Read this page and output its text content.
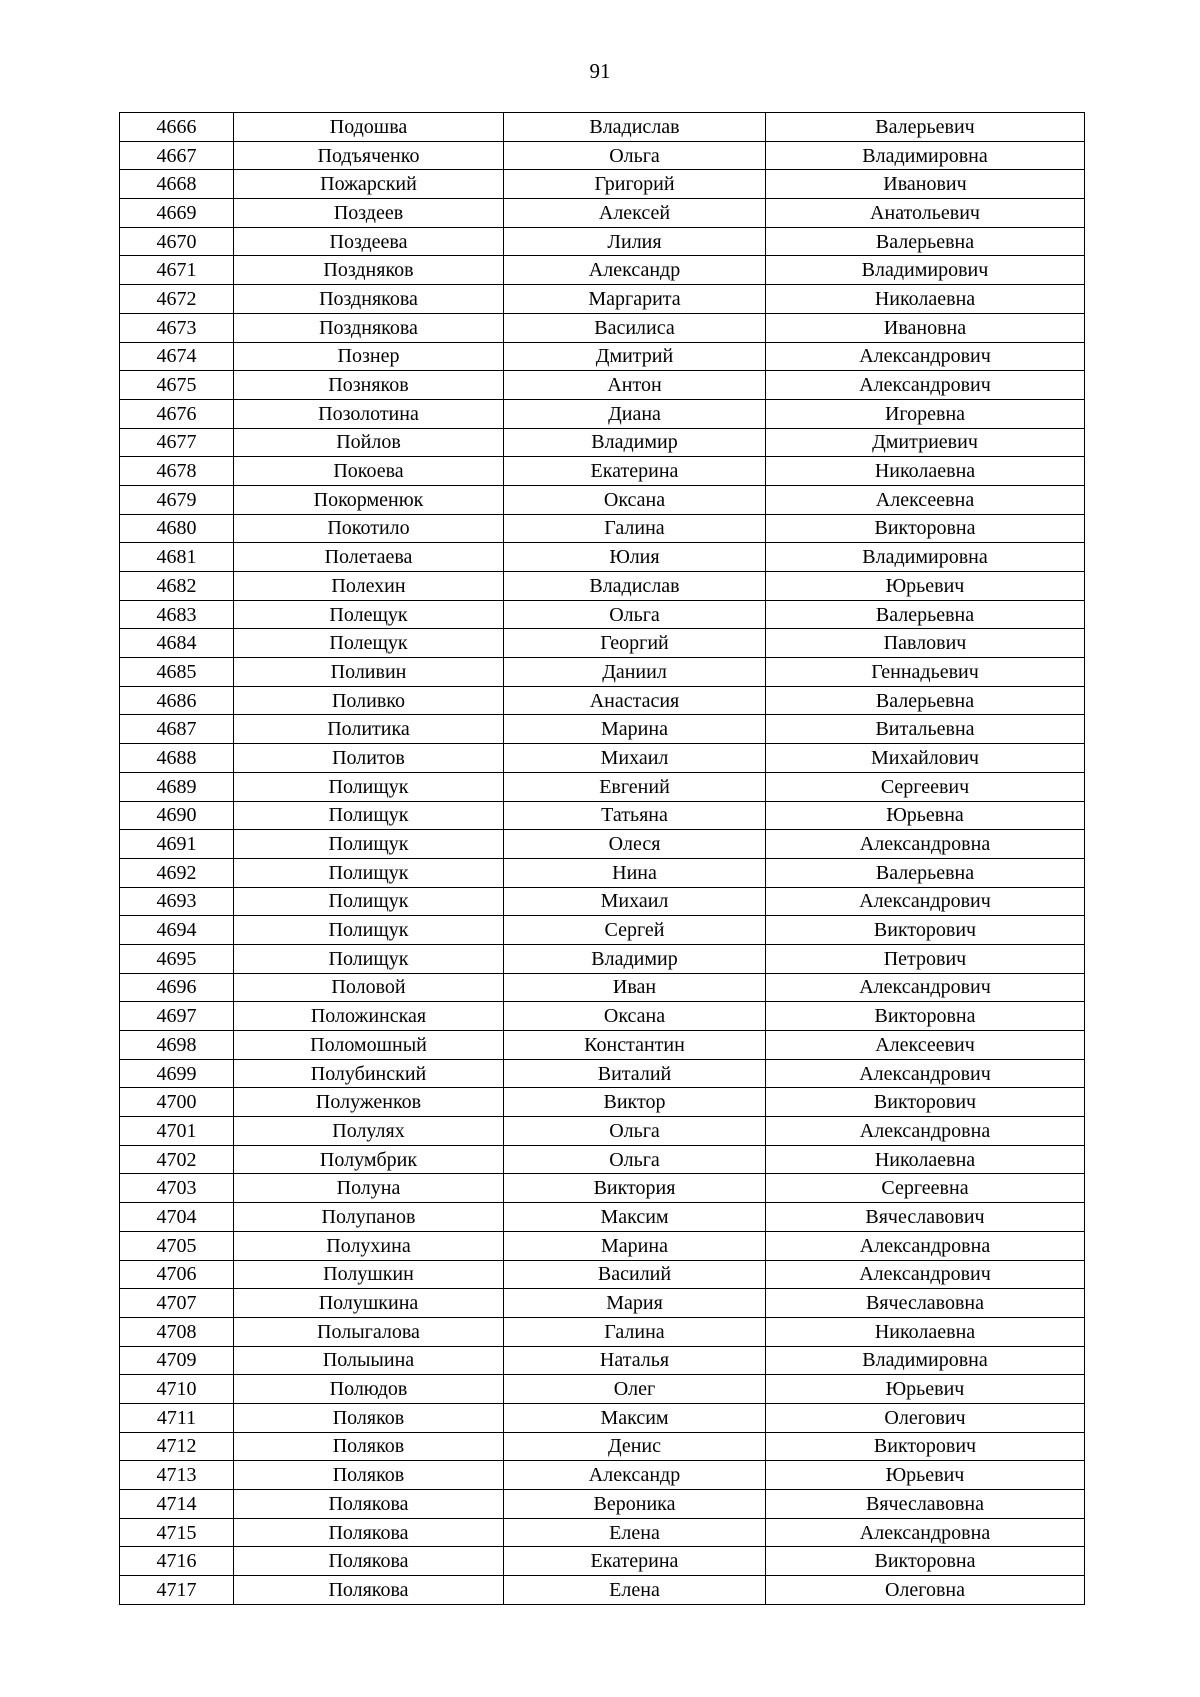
91
4666	Подошва	Владислав	Валерьевич
4667	Подъяченко	Ольга	Владимировна
4668	Пожарский	Григорий	Иванович
4669	Поздеев	Алексей	Анатольевич
4670	Поздеева	Лилия	Валерьевна
4671	Поздняков	Александр	Владимирович
4672	Позднякова	Маргарита	Николаевна
4673	Позднякова	Василиса	Ивановна
4674	Познер	Дмитрий	Александрович
4675	Позняков	Антон	Александрович
4676	Позолотина	Диана	Игоревна
4677	Пойлов	Владимир	Дмитриевич
4678	Покоева	Екатерина	Николаевна
4679	Покорменюк	Оксана	Алексеевна
4680	Покотило	Галина	Викторовна
4681	Полетаева	Юлия	Владимировна
4682	Полехин	Владислав	Юрьевич
4683	Полещук	Ольга	Валерьевна
4684	Полещук	Георгий	Павлович
4685	Поливин	Даниил	Геннадьевич
4686	Поливко	Анастасия	Валерьевна
4687	Политика	Марина	Витальевна
4688	Политов	Михаил	Михайлович
4689	Полищук	Евгений	Сергеевич
4690	Полищук	Татьяна	Юрьевна
4691	Полищук	Олеся	Александровна
4692	Полищук	Нина	Валерьевна
4693	Полищук	Михаил	Александрович
4694	Полищук	Сергей	Викторович
4695	Полищук	Владимир	Петрович
4696	Половой	Иван	Александрович
4697	Положинская	Оксана	Викторовна
4698	Поломошный	Константин	Алексеевич
4699	Полубинский	Виталий	Александрович
4700	Полуженков	Виктор	Викторович
4701	Полулях	Ольга	Александровна
4702	Полумбрик	Ольга	Николаевна
4703	Полуна	Виктория	Сергеевна
4704	Полупанов	Максим	Вячеславович
4705	Полухина	Марина	Александровна
4706	Полушкин	Василий	Александрович
4707	Полушкина	Мария	Вячеславовна
4708	Полыгалова	Галина	Николаевна
4709	Полыыина	Наталья	Владимировна
4710	Полюдов	Олег	Юрьевич
4711	Поляков	Максим	Олегович
4712	Поляков	Денис	Викторович
4713	Поляков	Александр	Юрьевич
4714	Полякова	Вероника	Вячеславовна
4715	Полякова	Елена	Александровна
4716	Полякова	Екатерина	Викторовна
4717	Полякова	Елена	Олеговна
